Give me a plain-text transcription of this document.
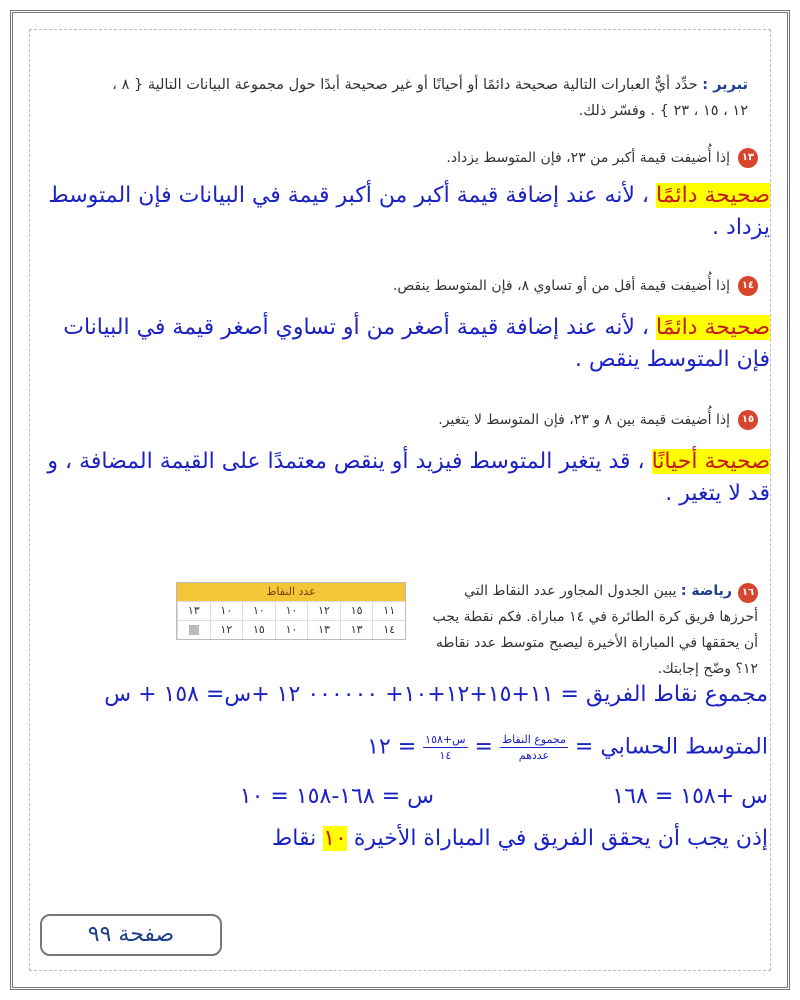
تبرير : حدِّد أيٌّ العبارات التالية صحيحة دائمًا أو أحيانًا أو غير صحيحة أبدًا حول مجموعة البيانات التالية { ٨ ، ١٢ ، ١٥ ، ٢٣ } . وفسّر ذلك.
١٣
إذا أُضيفت قيمة أكبر من ٢٣، فإن المتوسط يزداد.
صحيحة دائمًا ، لأنه عند إضافة قيمة أكبر من أكبر قيمة في البيانات فإن المتوسط يزداد .
١٤
إذا أُضيفت قيمة أقل من أو تساوي ٨، فإن المتوسط ينقص.
صحيحة دائمًا ، لأنه عند إضافة قيمة أصغر من أو تساوي أصغر قيمة في البيانات فإن المتوسط ينقص .
١٥
إذا أُضيفت قيمة بين ٨ و ٢٣، فإن المتوسط لا يتغير.
صحيحة أحيانًا ، قد يتغير المتوسط فيزيد أو ينقص معتمدًا على القيمة المضافة ، و قد لا يتغير .
١٦رياضة : يبين الجدول المجاور عدد النقاط التي أحرزها فريق كرة الطائرة في ١٤ مباراة. فكم نقطة يجب أن يحققها في المباراة الأخيرة ليصبح متوسط عدد نقاطه ١٢؟ وضّح إجابتك.
عدد النقاط
١١
١٥
١٢
١٠
١٠
١٠
١٣
١٤
١٣
١٣
١٠
١٥
١٢
مجموع نقاط الفريق = ١١+١٥+١٢+١٠+ ٠٠٠٠٠٠ ١٢ +س= ١٥٨ + س
المتوسط الحسابي =
$\frac{\text{مجموع النقاط}}{\text{عددهم}}$
=
$\frac{\text{س+١٥٨}}{١٤}$
= ١٢
س +١٥٨ = ١٦٨
س = ١٦٨-١٥٨ = ١٠
إذن يجب أن يحقق الفريق في المباراة الأخيرة ١٠ نقاط
صفحة ٩٩
